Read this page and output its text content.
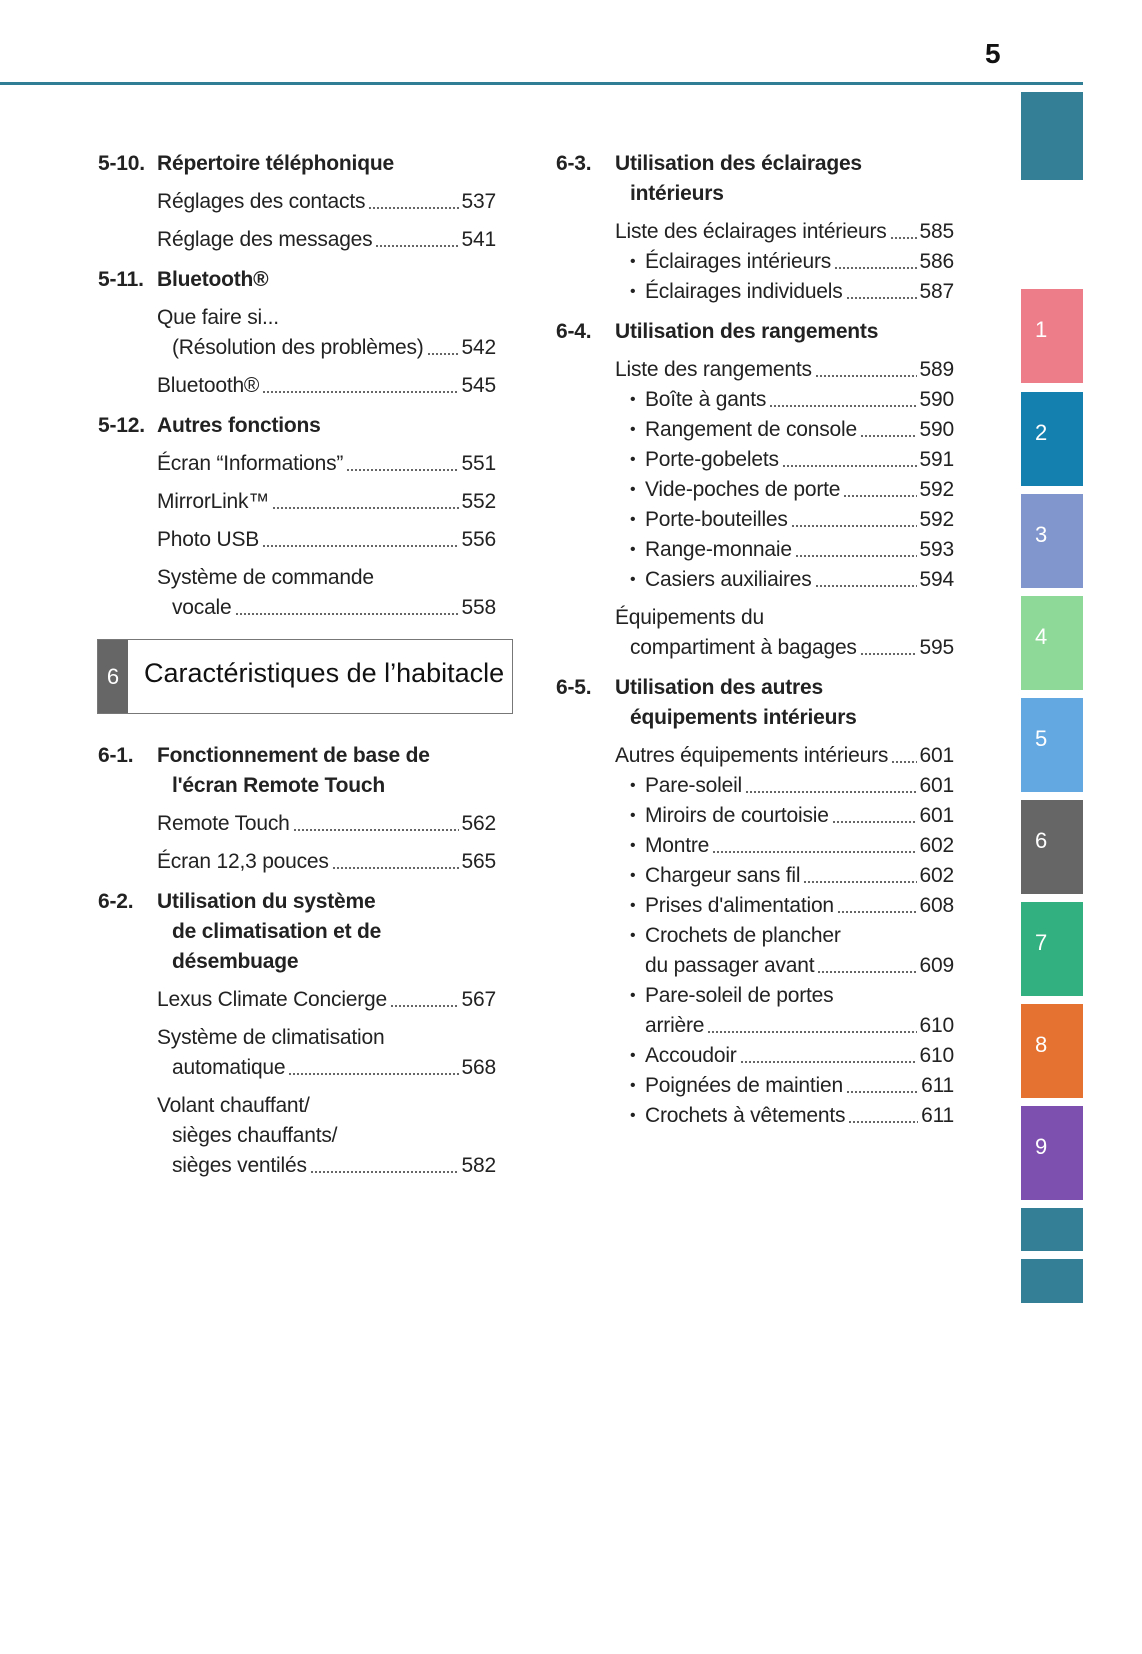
5
1
2
3
4
5
6
7
8
9
5-10. Répertoire téléphonique
Réglages des contacts	537
Réglage des messages	541
5-11. Bluetooth®
Que faire si...
(Résolution des problèmes) 542
Bluetooth®	545
5-12. Autres fonctions
Écran “Informations”	551
MirrorLink™	552
Photo USB	556
Système de commande
vocale	558
6 Caractéristiques de l’habitacle
6-1. Fonctionnement de base de
l'écran Remote Touch
Remote Touch	562
Écran 12,3 pouces	565
6-2. Utilisation du système
de climatisation et de
désembuage
Lexus Climate Concierge	567
Système de climatisation
automatique	568
Volant chauffant/
sièges chauffants/
sièges ventilés	582
6-3. Utilisation des éclairages
intérieurs
Liste des éclairages intérieurs 585
• Éclairages intérieurs	586
• Éclairages individuels	587
6-4. Utilisation des rangements
Liste des rangements	589
• Boîte à gants	590
• Rangement de console	590
• Porte-gobelets	591
• Vide-poches de porte	592
• Porte-bouteilles	592
• Range-monnaie	593
• Casiers auxiliaires	594
Équipements du
compartiment à bagages	595
6-5. Utilisation des autres
équipements intérieurs
Autres équipements intérieurs 601
• Pare-soleil	601
• Miroirs de courtoisie	601
• Montre	602
• Chargeur sans fil	602
• Prises d'alimentation	608
• Crochets de plancher
du passager avant	609
• Pare-soleil de portes
arrière	610
• Accoudoir	610
• Poignées de maintien	611
• Crochets à vêtements	611
